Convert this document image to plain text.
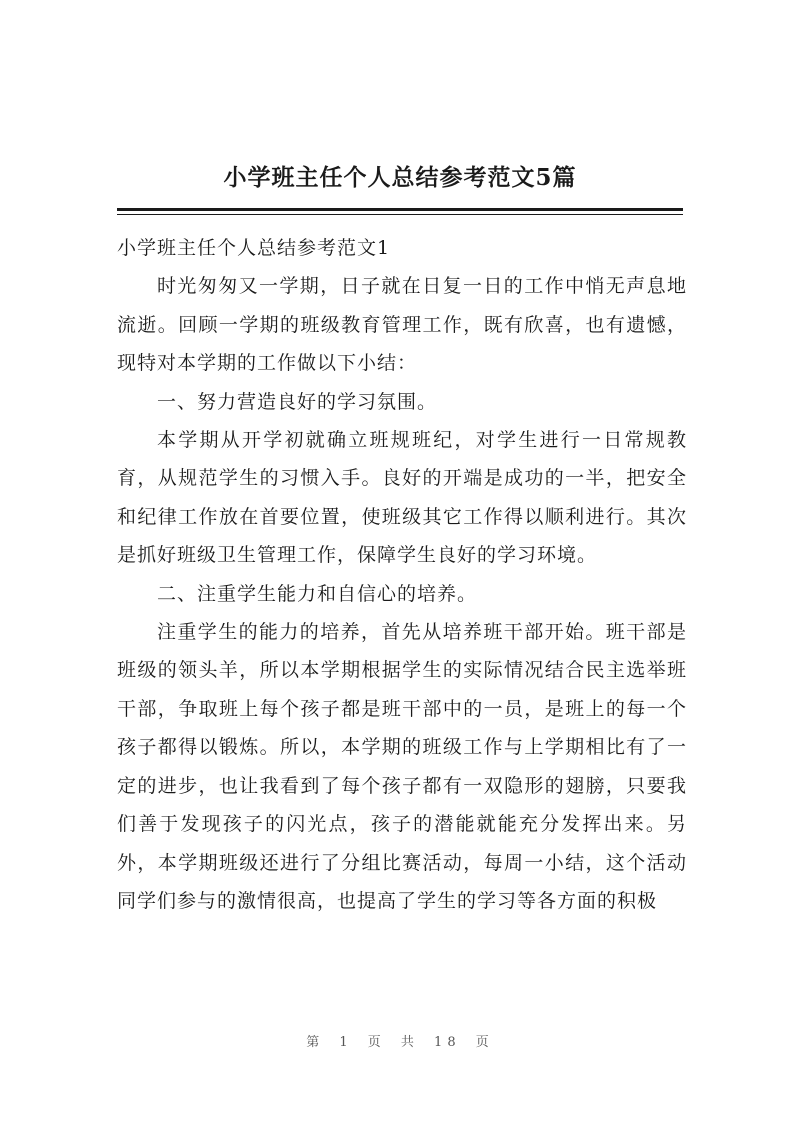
小学班主任个人总结参考范文5篇

小学班主任个人总结参考范文1

时光匆匆又一学期，日子就在日复一日的工作中悄无声息地流逝。回顾一学期的班级教育管理工作，既有欣喜，也有遗憾，现特对本学期的工作做以下小结：

一、努力营造良好的学习氛围。

本学期从开学初就确立班规班纪，对学生进行一日常规教育，从规范学生的习惯入手。良好的开端是成功的一半，把安全和纪律工作放在首要位置，使班级其它工作得以顺利进行。其次是抓好班级卫生管理工作，保障学生良好的学习环境。

二、注重学生能力和自信心的培养。

注重学生的能力的培养，首先从培养班干部开始。班干部是班级的领头羊，所以本学期根据学生的实际情况结合民主选举班干部，争取班上每个孩子都是班干部中的一员，是班上的每一个孩子都得以锻炼。所以，本学期的班级工作与上学期相比有了一定的进步，也让我看到了每个孩子都有一双隐形的翅膀，只要我们善于发现孩子的闪光点，孩子的潜能就能充分发挥出来。另外，本学期班级还进行了分组比赛活动，每周一小结，这个活动同学们参与的激情很高，也提高了学生的学习等各方面的积极

第 1 页 共 18 页
